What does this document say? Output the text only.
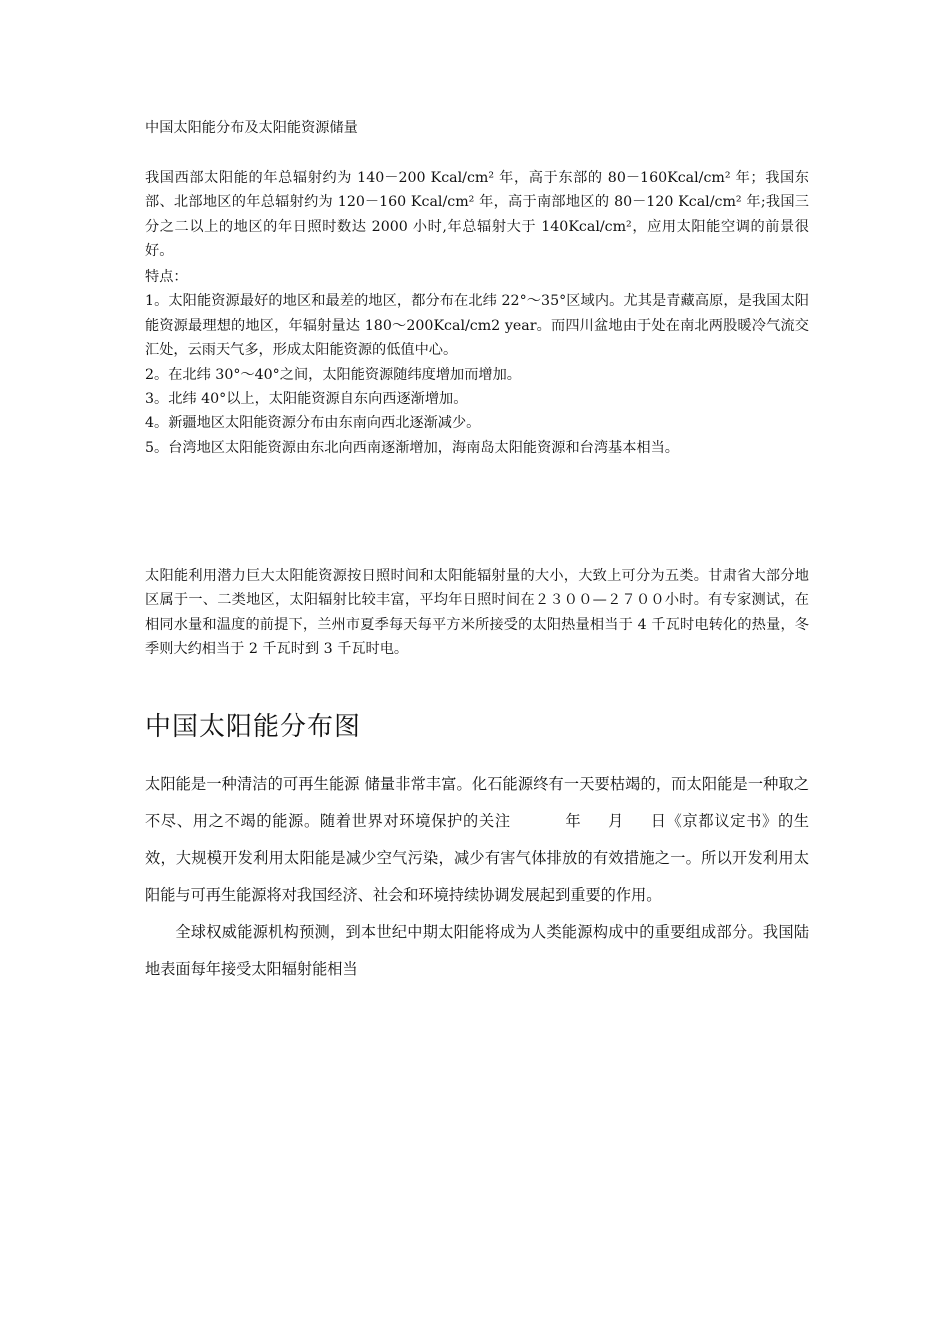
中国太阳能分布及太阳能资源储量

我国西部太阳能的年总辐射约为 140－200 Kcal/cm² 年，高于东部的 80－160Kcal/cm² 年；我国东部、北部地区的年总辐射约为 120－160 Kcal/cm² 年，高于南部地区的 80－120 Kcal/cm² 年;我国三分之二以上的地区的年日照时数达 2000 小时,年总辐射大于 140Kcal/cm²，应用太阳能空调的前景很好。

特点：

1。太阳能资源最好的地区和最差的地区，都分布在北纬 22°～35°区域内。尤其是青藏高原，是我国太阳能资源最理想的地区，年辐射量达 180～200Kcal/cm2 year。而四川盆地由于处在南北两股暖冷气流交汇处，云雨天气多，形成太阳能资源的低值中心。

2。在北纬 30°～40°之间，太阳能资源随纬度增加而增加。

3。北纬 40°以上，太阳能资源自东向西逐渐增加。

4。新疆地区太阳能资源分布由东南向西北逐渐减少。

5。台湾地区太阳能资源由东北向西南逐渐增加，海南岛太阳能资源和台湾基本相当。

太阳能利用潜力巨大太阳能资源按日照时间和太阳能辐射量的大小，大致上可分为五类。甘肃省大部分地区属于一、二类地区，太阳辐射比较丰富，平均年日照时间在２３００—２７００小时。有专家测试，在相同水量和温度的前提下，兰州市夏季每天每平方米所接受的太阳热量相当于 4 千瓦时电转化的热量，冬季则大约相当于 2 千瓦时到 3 千瓦时电。

中国太阳能分布图

太阳能是一种清洁的可再生能源 储量非常丰富。化石能源终有一天要枯竭的，而太阳能是一种取之不尽、用之不竭的能源。随着世界对环境保护的关注	年 月 日《京都议定书》的生效，大规模开发利用太阳能是减少空气污染，减少有害气体排放的有效措施之一。所以开发利用太阳能与可再生能源将对我国经济、社会和环境持续协调发展起到重要的作用。

全球权威能源机构预测，到本世纪中期太阳能将成为人类能源构成中的重要组成部分。我国陆地表面每年接受太阳辐射能相当
